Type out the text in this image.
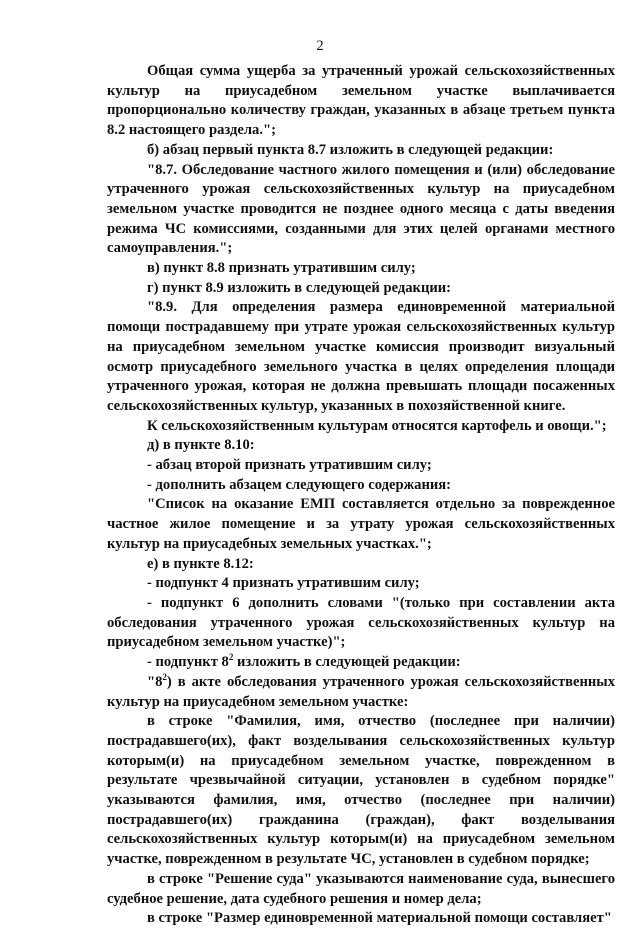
2

Общая сумма ущерба за утраченный урожай сельскохозяйственных культур на приусадебном земельном участке выплачивается пропорционально количеству граждан, указанных в абзаце третьем пункта 8.2 настоящего раздела.";

б) абзац первый пункта 8.7 изложить в следующей редакции:

"8.7. Обследование частного жилого помещения и (или) обследование утраченного урожая сельскохозяйственных культур на приусадебном земельном участке проводится не позднее одного месяца с даты введения режима ЧС комиссиями, созданными для этих целей органами местного самоуправления.";

в) пункт 8.8 признать утратившим силу;

г) пункт 8.9 изложить в следующей редакции:

"8.9. Для определения размера единовременной материальной помощи пострадавшему при утрате урожая сельскохозяйственных культур на приусадебном земельном участке комиссия производит визуальный осмотр приусадебного земельного участка в целях определения площади утраченного урожая, которая не должна превышать площади посаженных сельскохозяйственных культур, указанных в похозяйственной книге.

К сельскохозяйственным культурам относятся картофель и овощи.";

д) в пункте 8.10:

- абзац второй признать утратившим силу;

- дополнить абзацем следующего содержания:

"Список на оказание ЕМП составляется отдельно за поврежденное частное жилое помещение и за утрату урожая сельскохозяйственных культур на приусадебных земельных участках.";

е) в пункте 8.12:

- подпункт 4 признать утратившим силу;

- подпункт 6 дополнить словами "(только при составлении акта обследования утраченного урожая сельскохозяйственных культур на приусадебном земельном участке)";

- подпункт $8^2$ изложить в следующей редакции:

"$8^2$) в акте обследования утраченного урожая сельскохозяйственных культур на приусадебном земельном участке:

в строке "Фамилия, имя, отчество (последнее при наличии) пострадавшего(их), факт возделывания сельскохозяйственных культур которым(и) на приусадебном земельном участке, поврежденном в результате чрезвычайной ситуации, установлен в судебном порядке" указываются фамилия, имя, отчество (последнее при наличии) пострадавшего(их) гражданина (граждан), факт возделывания сельскохозяйственных культур которым(и) на приусадебном земельном участке, поврежденном в результате ЧС, установлен в судебном порядке;

в строке "Решение суда" указываются наименование суда, вынесшего судебное решение, дата судебного решения и номер дела;

в строке "Размер единовременной материальной помощи составляет"
